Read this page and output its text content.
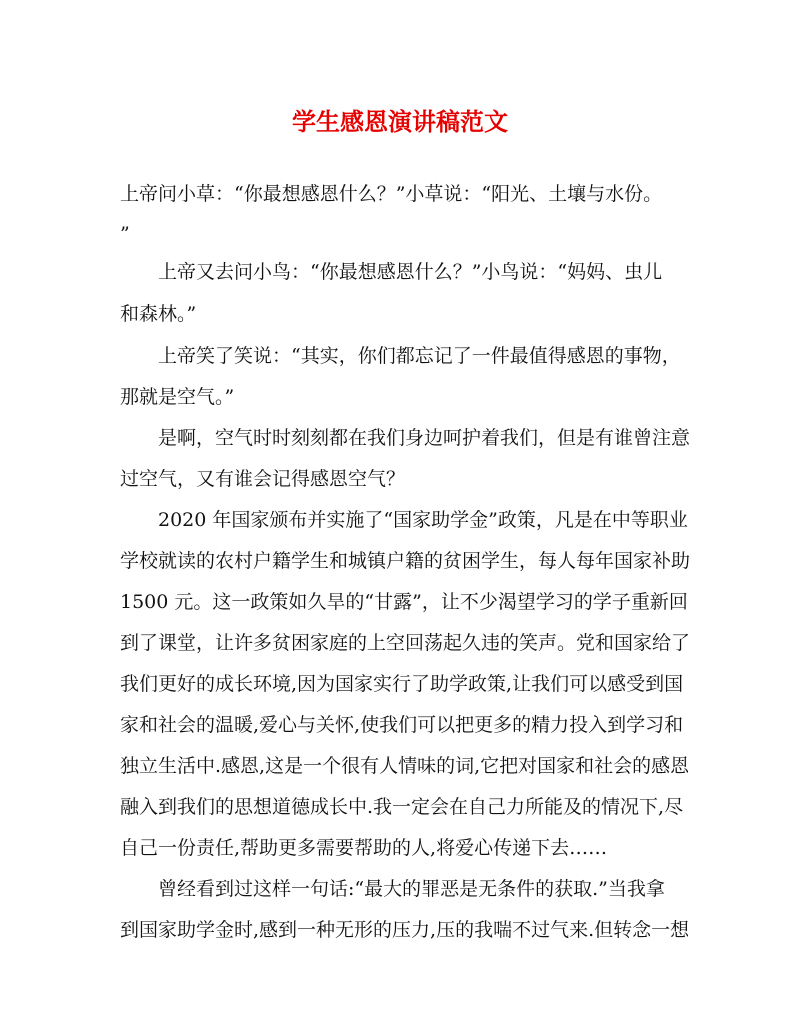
学生感恩演讲稿范文
上帝问小草：“你最想感恩什么？”小草说：“阳光、土壤与水份。
”
　　上帝又去问小鸟：“你最想感恩什么？”小鸟说：“妈妈、虫儿
和森林。”
　　上帝笑了笑说：“其实，你们都忘记了一件最值得感恩的事物，
那就是空气。”
　　是啊，空气时时刻刻都在我们身边呵护着我们，但是有谁曾注意
过空气，又有谁会记得感恩空气？
　　2020 年国家颁布并实施了“国家助学金”政策，凡是在中等职业
学校就读的农村户籍学生和城镇户籍的贫困学生，每人每年国家补助
1500 元。这一政策如久旱的“甘露”，让不少渴望学习的学子重新回
到了课堂，让许多贫困家庭的上空回荡起久违的笑声。党和国家给了
我们更好的成长环境,因为国家实行了助学政策,让我们可以感受到国
家和社会的温暖,爱心与关怀,使我们可以把更多的精力投入到学习和
独立生活中.感恩,这是一个很有人情味的词,它把对国家和社会的感恩
融入到我们的思想道德成长中.我一定会在自己力所能及的情况下,尽
自己一份责任,帮助更多需要帮助的人,将爱心传递下去……
　　曾经看到过这样一句话:“最大的罪恶是无条件的获取.”当我拿
到国家助学金时,感到一种无形的压力,压的我喘不过气来.但转念一想
